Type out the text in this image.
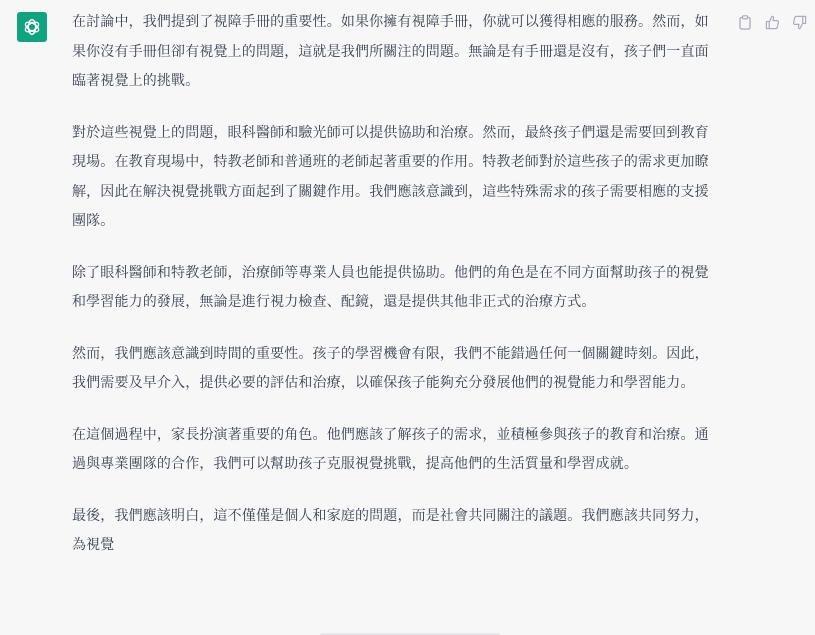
在討論中，我們提到了視障手冊的重要性。如果你擁有視障手冊，你就可以獲得相應的服務。然而，如果你沒有手冊但卻有視覺上的問題，這就是我們所關注的問題。無論是有手冊還是沒有，孩子們一直面臨著視覺上的挑戰。

對於這些視覺上的問題，眼科醫師和驗光師可以提供協助和治療。然而，最終孩子們還是需要回到教育現場。在教育現場中，特教老師和普通班的老師起著重要的作用。特教老師對於這些孩子的需求更加瞭解，因此在解決視覺挑戰方面起到了關鍵作用。我們應該意識到，這些特殊需求的孩子需要相應的支援團隊。

除了眼科醫師和特教老師，治療師等專業人員也能提供協助。他們的角色是在不同方面幫助孩子的視覺和學習能力的發展，無論是進行視力檢查、配鏡，還是提供其他非正式的治療方式。

然而，我們應該意識到時間的重要性。孩子的學習機會有限，我們不能錯過任何一個關鍵時刻。因此，我們需要及早介入，提供必要的評估和治療，以確保孩子能夠充分發展他們的視覺能力和學習能力。

在這個過程中，家長扮演著重要的角色。他們應該了解孩子的需求，並積極參與孩子的教育和治療。通過與專業團隊的合作，我們可以幫助孩子克服視覺挑戰，提高他們的生活質量和學習成就。

最後，我們應該明白，這不僅僅是個人和家庭的問題，而是社會共同關注的議題。我們應該共同努力，為視覺
